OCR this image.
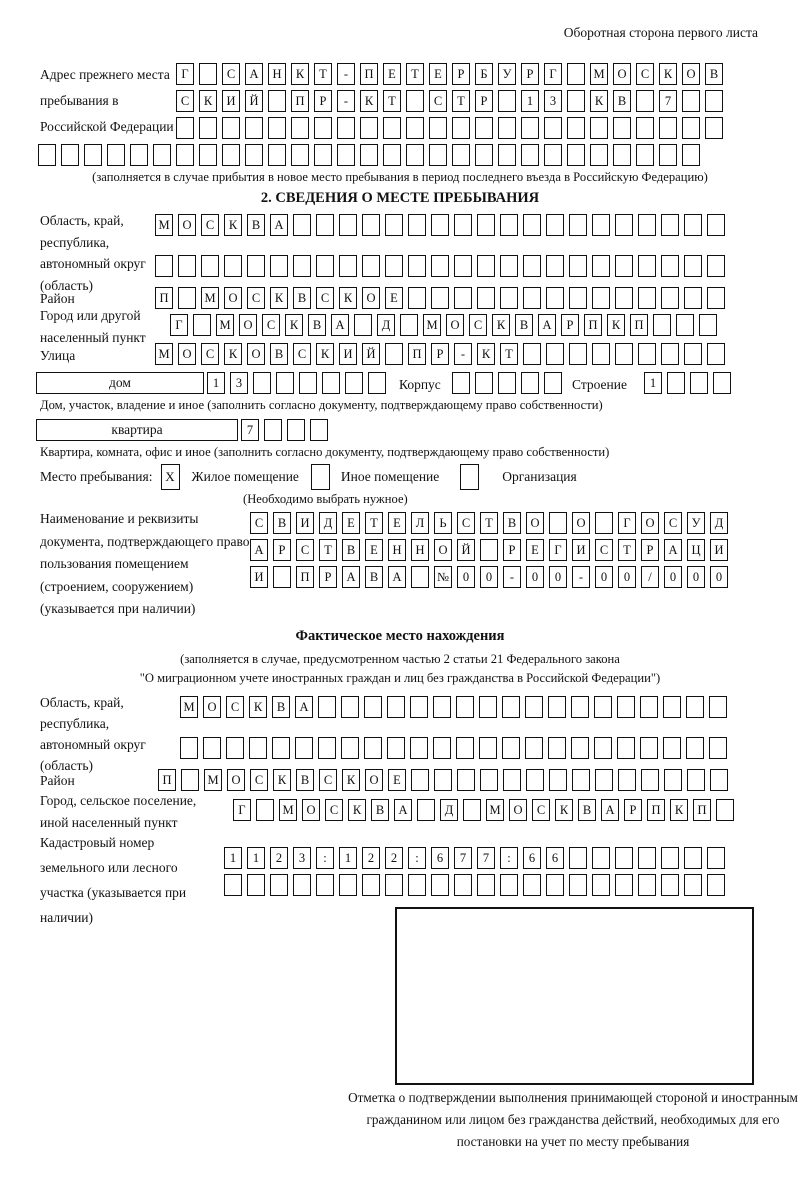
Оборотная сторона первого листа
Адрес прежнего места пребывания в Российской Федерации
Г	С	А	Н	К	Т	-	П	Е	Т	Е	Р	Б	У	Р	Г	М	О	С	К	О	В
С	К	И	Й	П	Р	-	К	Т	С	Т	Р	1	3	К	В	7
(заполняется в случае прибытия в новое место пребывания в период последнего въезда в Российскую Федерацию)
2. СВЕДЕНИЯ О МЕСТЕ ПРЕБЫВАНИЯ
Область, край, республика, автономный округ (область)
М	О	С	К	В	А
Район	П	М	О	С	К	В	С	К	О	Е
Город или другой населенный пункт
Г	М	О	С	К	В	А	Д	М	О	С	К	В	А	Р	П	К	П
Улица	М	О	С	К	О	В	С	К	И	Й	П	Р	-	К	Т
дом	1	3	Корпус	Строение	1
Дом, участок, владение и иное (заполнить согласно документу, подтверждающему право собственности)
квартира	7
Квартира, комната, офис и иное (заполнить согласно документу, подтверждающему право собственности)
Место пребывания: X	Жилое помещение	Иное помещение	Организация
(Необходимо выбрать нужное)
Наименование и реквизиты документа, подтверждающего право пользования помещением (строением, сооружением) (указывается при наличии)
С	В	И	Д	Е	Т	Е	Л	Ь	С	Т	В	О	О	Г	О	С	У	Д
А	Р	С	Т	В	Е	Н	Н	О	Й	Р	Е	Г	И	С	Т	Р	А	Ц	И
И	П	Р	А	В	А	№	0	0	-	0	0	-	0	0	/	0	0	0
Фактическое место нахождения
(заполняется в случае, предусмотренном частью 2 статьи 21 Федерального закона
"О миграционном учете иностранных граждан и лиц без гражданства в Российской Федерации")
Область, край, республика, автономный округ (область)
М	О	С	К	В	А
Район	П	М	О	С	К	В	С	К	О	Е
Город, сельское поселение, иной населенный пункт
Г	М	О	С	К	В	А	Д	М	О	С	К	В	А	Р	П	К	П
Кадастровый номер земельного или лесного участка (указывается при наличии)
1	1	2	3	:	1	2	2	:	6	7	7	:	6	6
Отметка о подтверждении выполнения принимающей стороной и иностранным гражданином или лицом без гражданства действий, необходимых для его постановки на учет по месту пребывания
